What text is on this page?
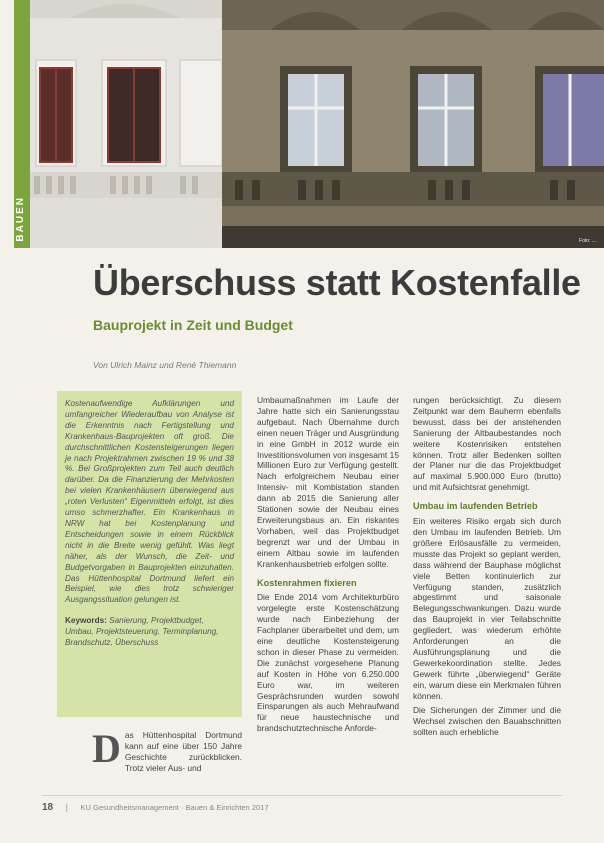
Foto: ...
BAUEN
Überschuss statt Kostenfalle
Bauprojekt in Zeit und Budget
Von Ulrich Mainz und René Thiemann

Kostenaufwendige Aufklärungen und umfangreicher Wiederaufbau von Analyse ist die Erkenntnis nach Fertigstellung und Krankenhaus-Bauprojekten oft groß. Die durchschnittlichen Kostensteigerungen liegen je nach Projektrahmen zwischen 19 % und 38 %. Bei Großprojekten zum Teil auch deutlich darüber. Da die Finanzierung der Mehrkosten bei vielen Krankenhäusern überwiegend aus „roten Verlusten“ Eigenmitteln erfolgt, ist dies umso schmerzhafter. Ein Krankenhaus in NRW hat bei Kostenplanung und Entscheidungen sowie in einem Rückblick nicht in die Breite wenig gefühlt. Was liegt näher, als der Wunsch, die Zeit- und Budgetvorgaben in Bauprojekten einzuhalten. Das Hüttenhospital Dortmund liefert ein Beispiel, wie dies trotz schwieriger Ausgangssituation gelungen ist.

Keywords: Sanierung, Projektbudget, Umbau, Projektsteuerung, Terminplanung, Brandschutz, Überschuss

D as Hüttenhospital Dortmund kann auf eine über 150 Jahre Geschichte zurückblicken. Trotz vieler Aus- und

Umbaumaßnahmen im Laufe der Jahre hatte sich ein Sanierungsstau aufgebaut. Nach Übernahme durch einen neuen Träger und Ausgründung in eine GmbH in 2012 wurde ein Investitionsvolumen von insgesamt 15 Millionen Euro zur Verfügung gestellt. Nach erfolgreichem Neubau einer Intensiv- mit Kombistation standen dann ab 2015 die Sanierung aller Stationen sowie der Neubau eines Erweiterungsbaus an. Ein riskantes Vorhaben, weil das Projektbudget begrenzt war und der Umbau in einem Altbau sowie im laufenden Krankenhausbetrieb erfolgen sollte.

Kostenrahmen fixieren

Die Ende 2014 vom Architekturbüro vorgelegte erste Kostenschätzung wurde nach Einbeziehung der Fachplaner überarbeitet und dem, um eine deutliche Kostensteigerung schon in dieser Phase zu vermeiden. Die zunächst vorgesehene Planung auf Kosten in Höhe von 6.250.000 Euro war, im weiteren Gesprächsrunden wurden sowohl Einsparungen als auch Mehraufwand für neue haustechnische und brandschutztechnische Anforde-

rungen berücksichtigt. Zu diesem Zeitpunkt war dem Bauherrn ebenfalls bewusst, dass bei der anstehenden Sanierung der Altbaubestandes noch weitere Kostenrisiken entstehen können. Trotz aller Bedenken sollten der Planer nur die das Projektbudget auf maximal 5.900.000 Euro (brutto) und mit Aufsichtsrat genehmigt.

Umbau im laufenden Betrieb

Ein weiteres Risiko ergab sich durch den Umbau im laufenden Betrieb. Um größere Erlösausfälle zu vermeiden, musste das Projekt so geplant werden, dass während der Bauphase möglichst viele Betten kontinuierlich zur Verfügung standen, zusätzlich abgestimmt und saisonale Belegungsschwankungen. Dazu wurde das Bauprojekt in vier Teilabschnitte gegliedert, was wiederum erhöhte Anforderungen an die Ausführungsplanung und die Gewerkekoordination stellte. Jedes Gewerk führte „überwiegend“ Geräte ein, warum diese ein Merkmalen führen können.

Die Sicherungen der Zimmer und die Wechsel zwischen den Bauabschnitten sollten auch erhebliche

18 | KU Gesundheitsmanagement · Bauen & Einrichten 2017
